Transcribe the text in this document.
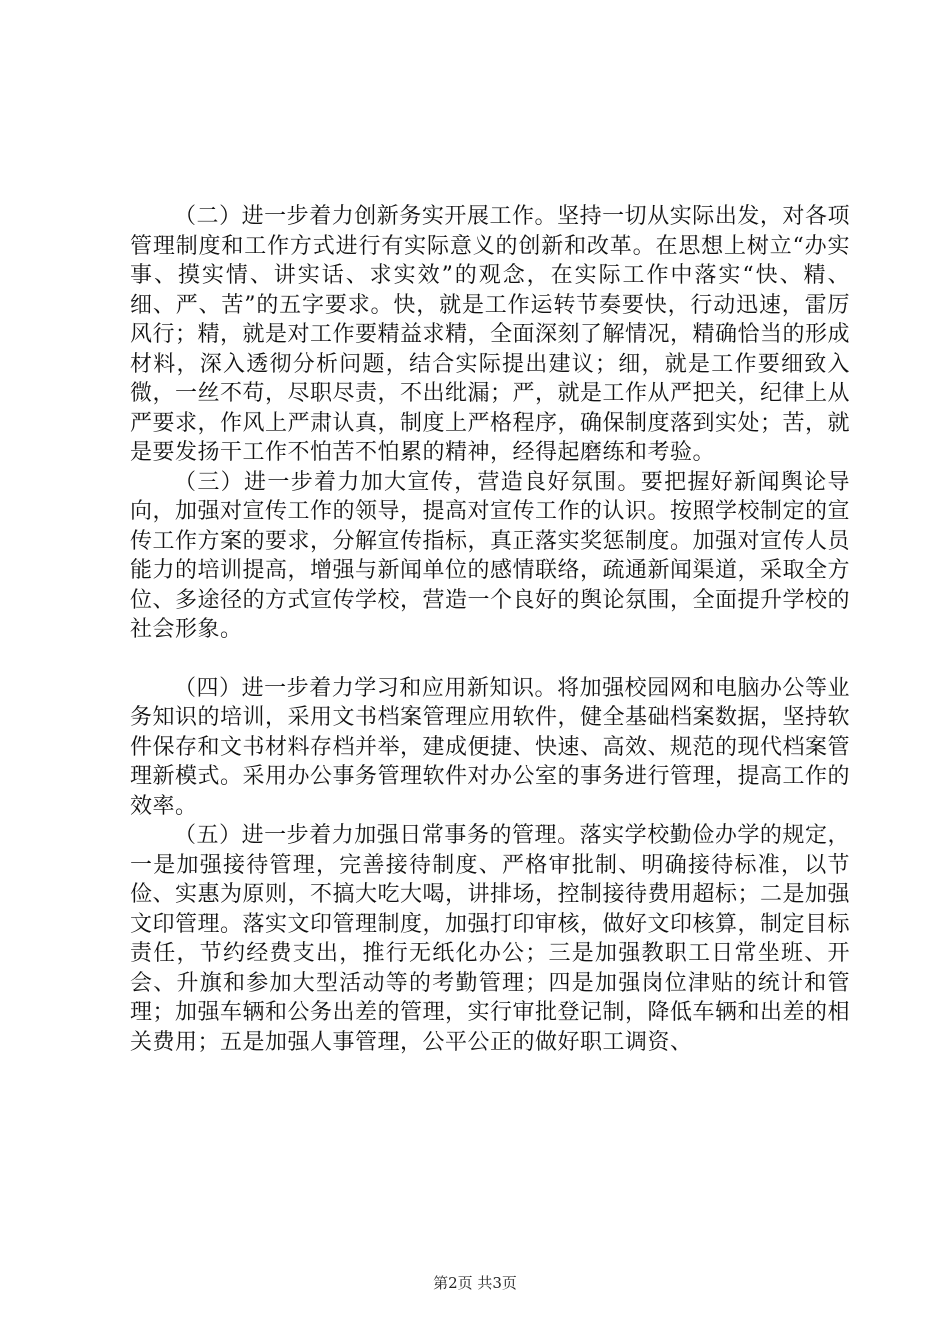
（二）进一步着力创新务实开展工作。坚持一切从实际出发，对各项管理制度和工作方式进行有实际意义的创新和改革。在思想上树立“办实事、摸实情、讲实话、求实效”的观念，在实际工作中落实“快、精、细、严、苦”的五字要求。快，就是工作运转节奏要快，行动迅速，雷厉风行；精，就是对工作要精益求精，全面深刻了解情况，精确恰当的形成材料，深入透彻分析问题，结合实际提出建议；细，就是工作要细致入微，一丝不苟，尽职尽责，不出纰漏；严，就是工作从严把关，纪律上从严要求，作风上严肃认真，制度上严格程序，确保制度落到实处；苦，就是要发扬干工作不怕苦不怕累的精神，经得起磨练和考验。

（三）进一步着力加大宣传，营造良好氛围。要把握好新闻舆论导向，加强对宣传工作的领导，提高对宣传工作的认识。按照学校制定的宣传工作方案的要求，分解宣传指标，真正落实奖惩制度。加强对宣传人员能力的培训提高，增强与新闻单位的感情联络，疏通新闻渠道，采取全方位、多途径的方式宣传学校，营造一个良好的舆论氛围，全面提升学校的社会形象。

（四）进一步着力学习和应用新知识。将加强校园网和电脑办公等业务知识的培训，采用文书档案管理应用软件，健全基础档案数据，坚持软件保存和文书材料存档并举，建成便捷、快速、高效、规范的现代档案管理新模式。采用办公事务管理软件对办公室的事务进行管理，提高工作的效率。

（五）进一步着力加强日常事务的管理。落实学校勤俭办学的规定，一是加强接待管理，完善接待制度、严格审批制、明确接待标准，以节俭、实惠为原则，不搞大吃大喝，讲排场，控制接待费用超标；二是加强文印管理。落实文印管理制度，加强打印审核，做好文印核算，制定目标责任，节约经费支出，推行无纸化办公；三是加强教职工日常坐班、开会、升旗和参加大型活动等的考勤管理；四是加强岗位津贴的统计和管理；加强车辆和公务出差的管理，实行审批登记制，降低车辆和出差的相关费用；五是加强人事管理，公平公正的做好职工调资、

第2页 共3页
